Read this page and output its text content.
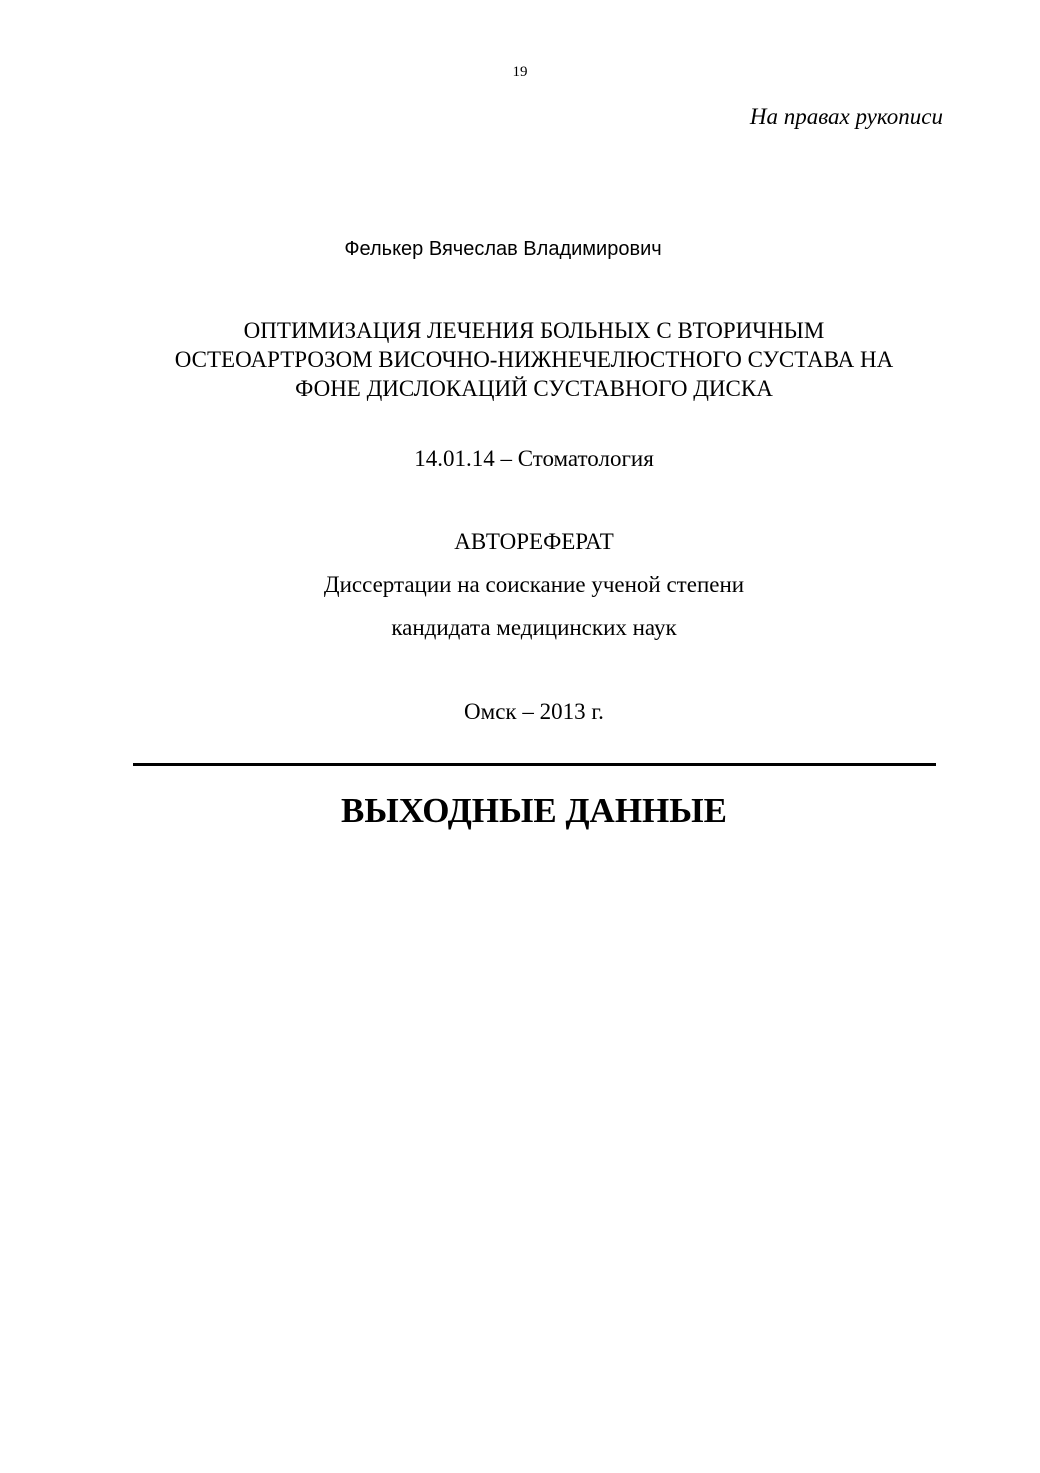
19
На правах рукописи
Фелькер Вячеслав Владимирович
ОПТИМИЗАЦИЯ ЛЕЧЕНИЯ БОЛЬНЫХ С ВТОРИЧНЫМ
ОСТЕОАРТРОЗОМ ВИСОЧНО-НИЖНЕЧЕЛЮСТНОГО СУСТАВА НА
ФОНЕ ДИСЛОКАЦИЙ СУСТАВНОГО ДИСКА
14.01.14 – Стоматология
АВТОРЕФЕРАТ
Диссертации на соискание ученой степени
кандидата медицинских наук
Омск – 2013 г.
ВЫХОДНЫЕ ДАННЫЕ
